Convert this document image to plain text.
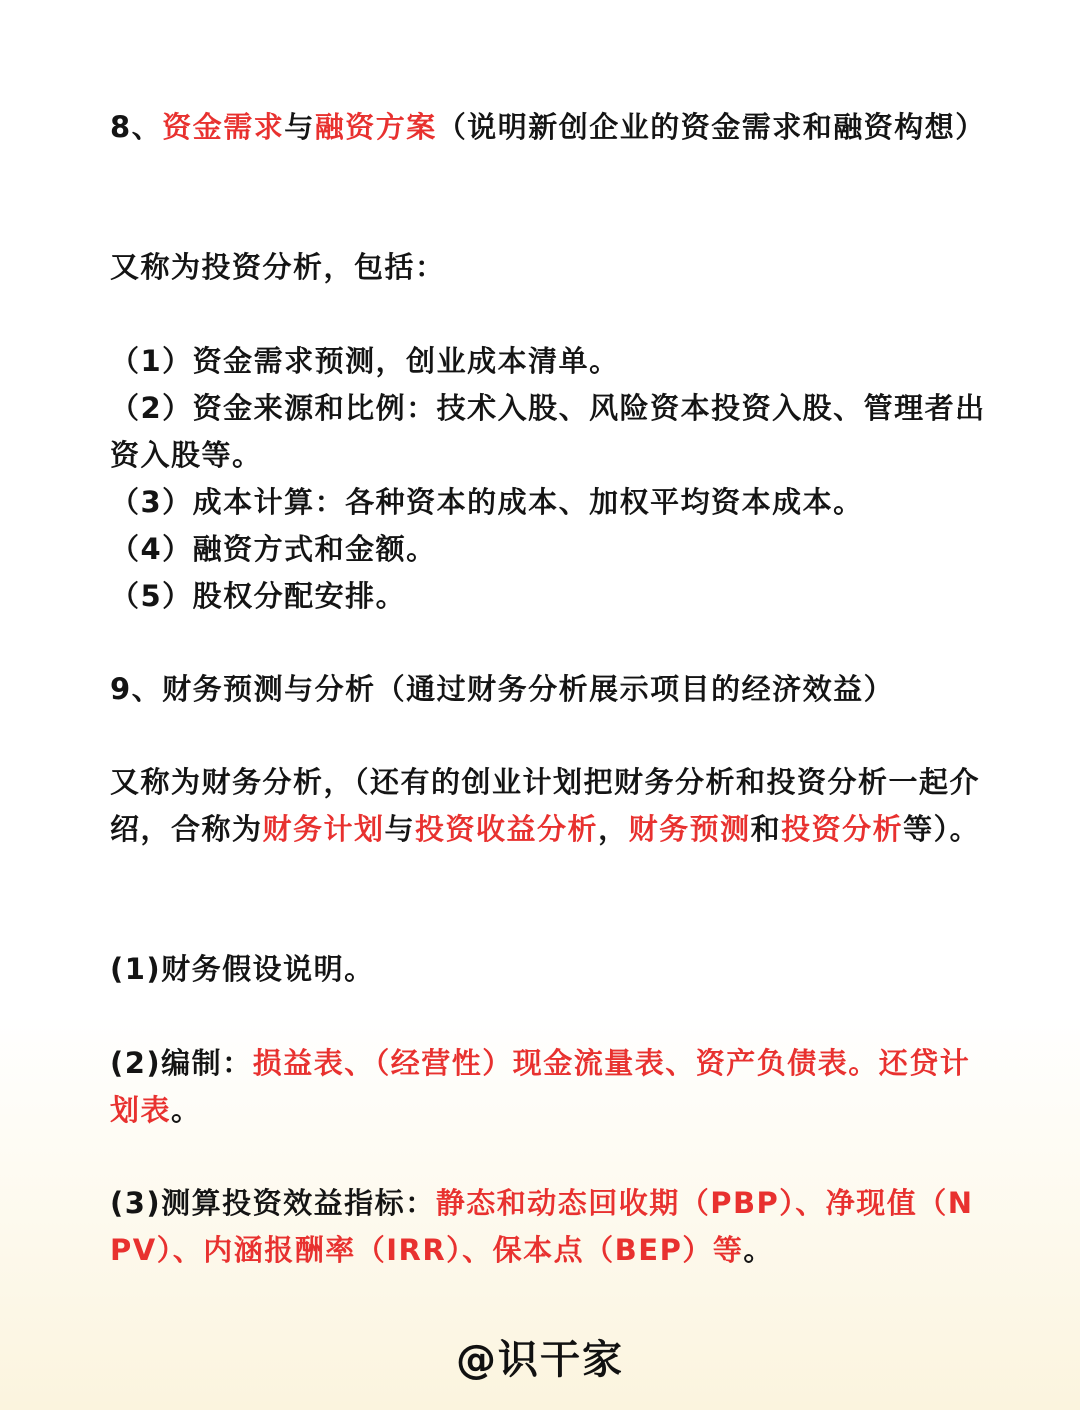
8、资金需求与融资方案（说明新创企业的资金需求和融资构想）

又称为投资分析，包括：

（1）资金需求预测，创业成本清单。

（2）资金来源和比例：技术入股、风险资本投资入股、管理者出资入股等。

（3）成本计算：各种资本的成本、加权平均资本成本。

（4）融资方式和金额。

（5）股权分配安排。

9、财务预测与分析（通过财务分析展示项目的经济效益）

又称为财务分析，（还有的创业计划把财务分析和投资分析一起介绍，合称为财务计划与投资收益分析，财务预测和投资分析等）。

(1)财务假设说明。

(2)编制：损益表、（经营性）现金流量表、资产负债表。还贷计划表。

(3)测算投资效益指标：静态和动态回收期（PBP）、净现值（NPV）、内涵报酬率（IRR）、保本点（BEP）等。

@识干家
